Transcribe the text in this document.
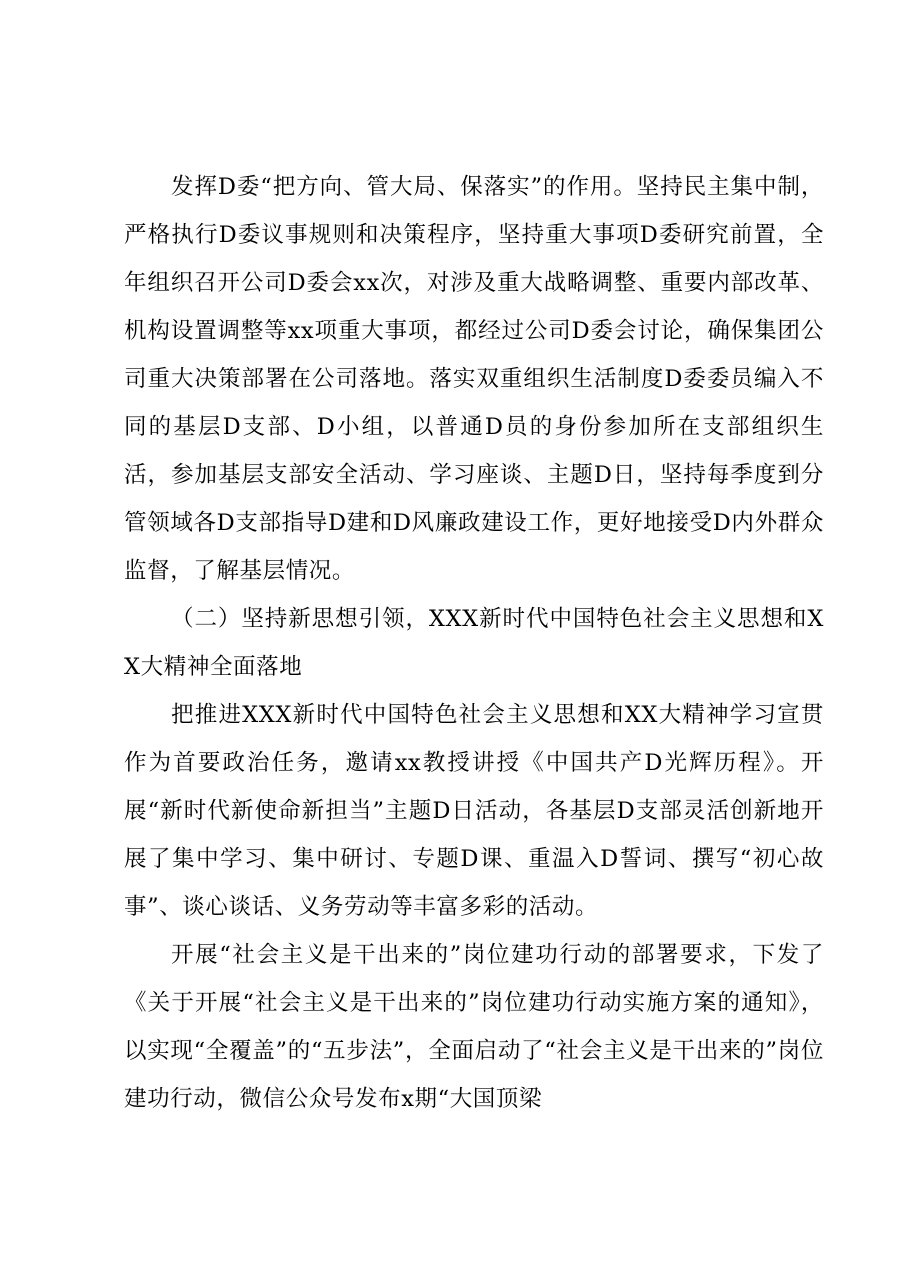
发挥D委“把方向、管大局、保落实”的作用。坚持民主集中制，严格执行D委议事规则和决策程序，坚持重大事项D委研究前置，全年组织召开公司D委会xx次，对涉及重大战略调整、重要内部改革、机构设置调整等xx项重大事项，都经过公司D委会讨论，确保集团公司重大决策部署在公司落地。落实双重组织生活制度D委委员编入不同的基层D支部、D小组，以普通D员的身份参加所在支部组织生活，参加基层支部安全活动、学习座谈、主题D日，坚持每季度到分管领域各D支部指导D建和D风廉政建设工作，更好地接受D内外群众监督，了解基层情况。

（二）坚持新思想引领，XXX新时代中国特色社会主义思想和XX大精神全面落地

把推进XXX新时代中国特色社会主义思想和XX大精神学习宣贯作为首要政治任务，邀请xx教授讲授《中国共产D光辉历程》。开展“新时代新使命新担当”主题D日活动，各基层D支部灵活创新地开展了集中学习、集中研讨、专题D课、重温入D誓词、撰写“初心故事”、谈心谈话、义务劳动等丰富多彩的活动。

开展“社会主义是干出来的”岗位建功行动的部署要求，下发了《关于开展“社会主义是干出来的”岗位建功行动实施方案的通知》，以实现“全覆盖”的“五步法”，全面启动了“社会主义是干出来的”岗位建功行动，微信公众号发布x期“大国顶梁
